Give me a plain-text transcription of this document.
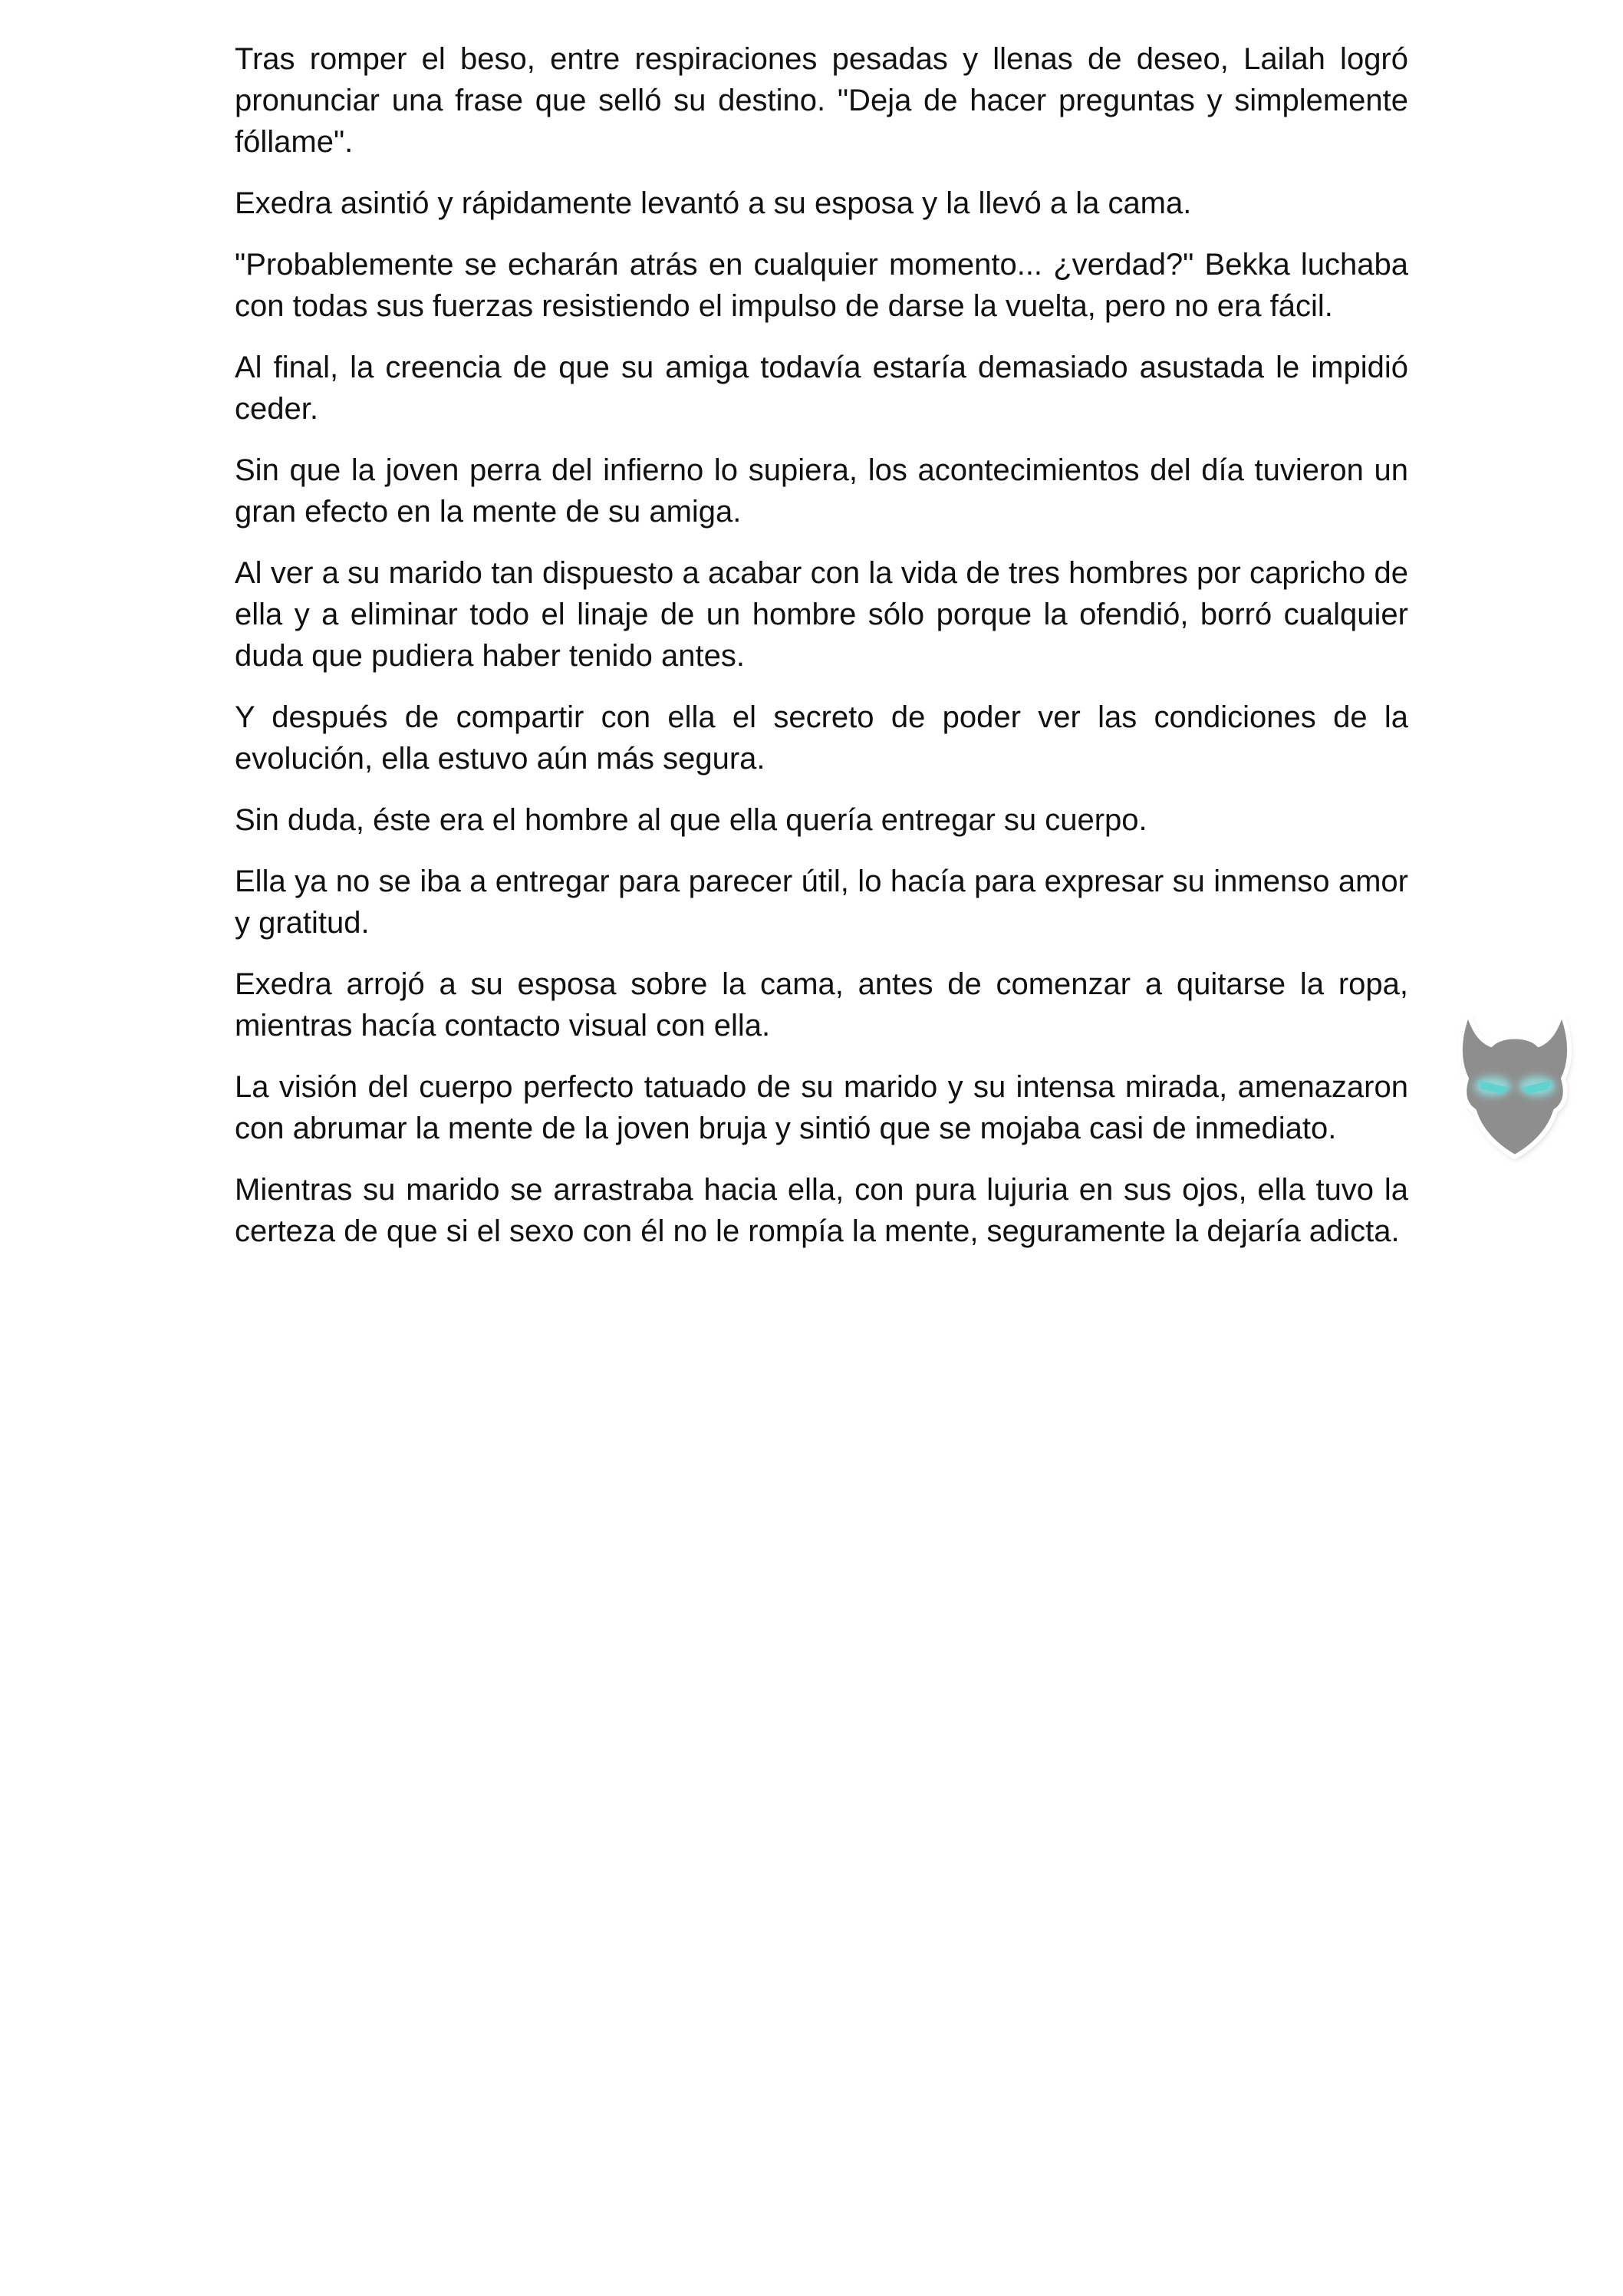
Tras romper el beso, entre respiraciones pesadas y llenas de deseo, Lailah logró pronunciar una frase que selló su destino. "Deja de hacer preguntas y simplemente fóllame".

Exedra asintió y rápidamente levantó a su esposa y la llevó a la cama.

"Probablemente se echarán atrás en cualquier momento... ¿verdad?" Bekka luchaba con todas sus fuerzas resistiendo el impulso de darse la vuelta, pero no era fácil.

Al final, la creencia de que su amiga todavía estaría demasiado asustada le impidió ceder.

Sin que la joven perra del infierno lo supiera, los acontecimientos del día tuvieron un gran efecto en la mente de su amiga.

Al ver a su marido tan dispuesto a acabar con la vida de tres hombres por capricho de ella y a eliminar todo el linaje de un hombre sólo porque la ofendió, borró cualquier duda que pudiera haber tenido antes.

Y después de compartir con ella el secreto de poder ver las condiciones de la evolución, ella estuvo aún más segura.

Sin duda, éste era el hombre al que ella quería entregar su cuerpo.

Ella ya no se iba a entregar para parecer útil, lo hacía para expresar su inmenso amor y gratitud.

Exedra arrojó a su esposa sobre la cama, antes de comenzar a quitarse la ropa, mientras hacía contacto visual con ella.

La visión del cuerpo perfecto tatuado de su marido y su intensa mirada, amenazaron con abrumar la mente de la joven bruja y sintió que se mojaba casi de inmediato.

Mientras su marido se arrastraba hacia ella, con pura lujuria en sus ojos, ella tuvo la certeza de que si el sexo con él no le rompía la mente, seguramente la dejaría adicta.
